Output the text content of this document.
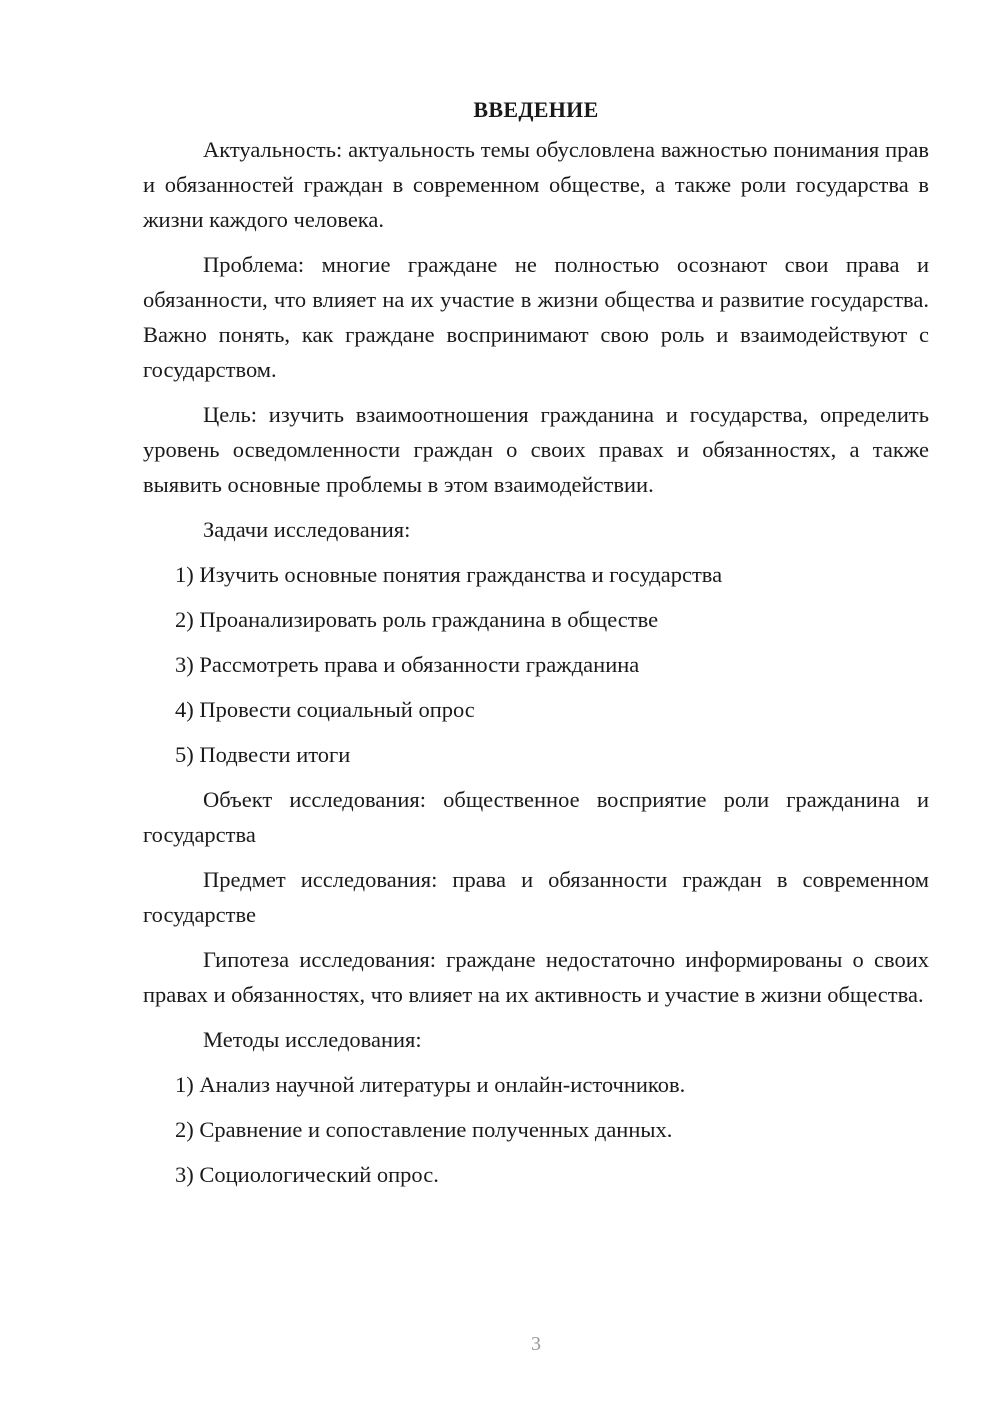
ВВЕДЕНИЕ

Актуальность: актуальность темы обусловлена важностью понимания прав и обязанностей граждан в современном обществе, а также роли государства в жизни каждого человека.

Проблема: многие граждане не полностью осознают свои права и обязанности, что влияет на их участие в жизни общества и развитие государства. Важно понять, как граждане воспринимают свою роль и взаимодействуют с государством.

Цель: изучить взаимоотношения гражданина и государства, определить уровень осведомленности граждан о своих правах и обязанностях, а также выявить основные проблемы в этом взаимодействии.

Задачи исследования:

1) Изучить основные понятия гражданства и государства
2) Проанализировать роль гражданина в обществе
3) Рассмотреть права и обязанности гражданина
4) Провести социальный опрос
5) Подвести итоги

Объект исследования: общественное восприятие роли гражданина и государства

Предмет исследования: права и обязанности граждан в современном государстве

Гипотеза исследования: граждане недостаточно информированы о своих правах и обязанностях, что влияет на их активность и участие в жизни общества.

Методы исследования:

1) Анализ научной литературы и онлайн-источников.
2) Сравнение и сопоставление полученных данных.
3) Социологический опрос.
3
